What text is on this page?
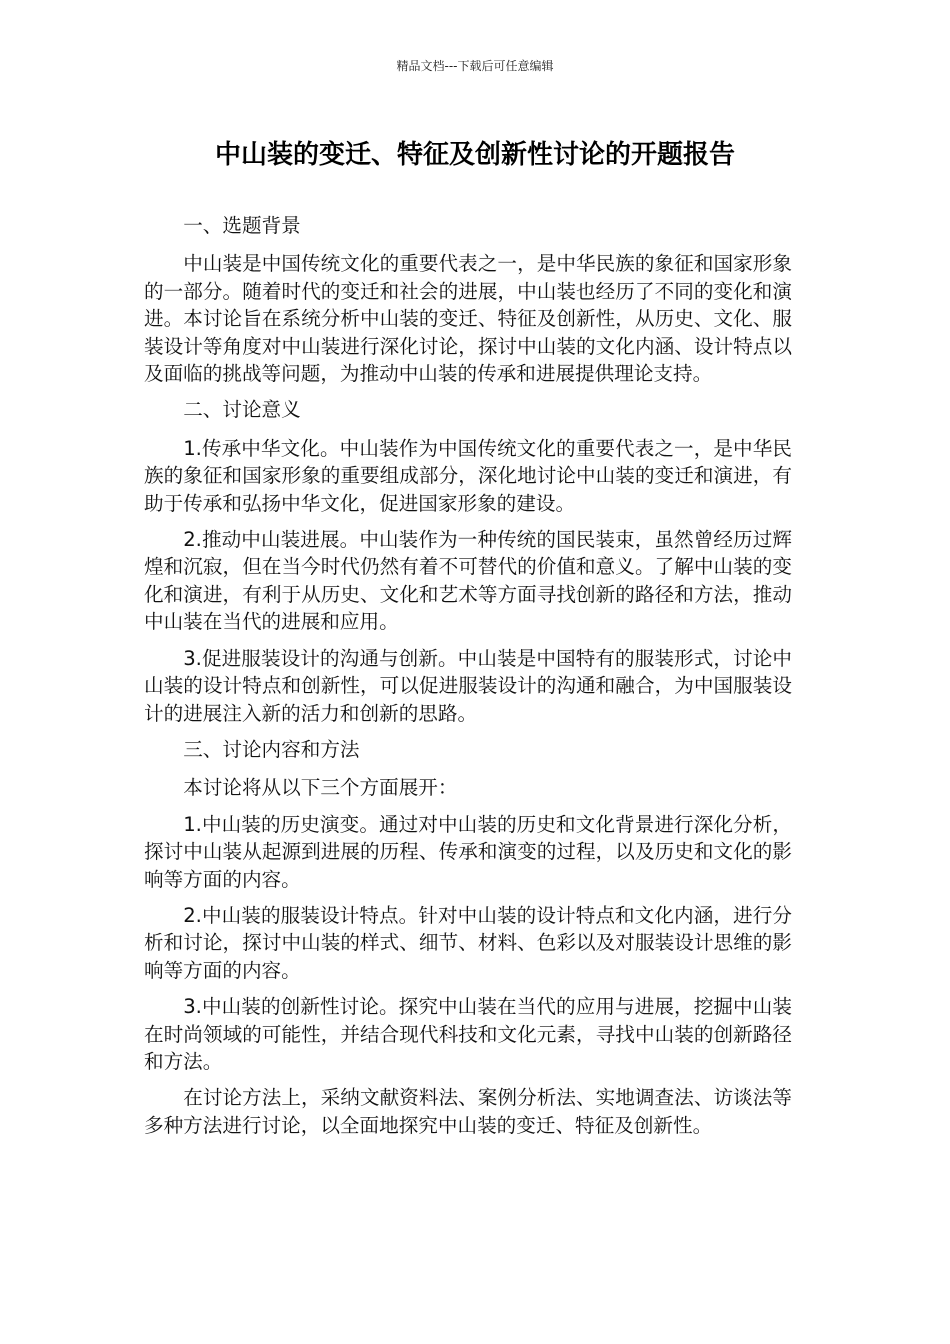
精品文档---下载后可任意编辑
中山装的变迁、特征及创新性讨论的开题报告

一、选题背景

中山装是中国传统文化的重要代表之一，是中华民族的象征和国家形象的一部分。随着时代的变迁和社会的进展，中山装也经历了不同的变化和演进。本讨论旨在系统分析中山装的变迁、特征及创新性，从历史、文化、服装设计等角度对中山装进行深化讨论，探讨中山装的文化内涵、设计特点以及面临的挑战等问题，为推动中山装的传承和进展提供理论支持。

二、讨论意义

1.传承中华文化。中山装作为中国传统文化的重要代表之一，是中华民族的象征和国家形象的重要组成部分，深化地讨论中山装的变迁和演进，有助于传承和弘扬中华文化，促进国家形象的建设。

2.推动中山装进展。中山装作为一种传统的国民装束，虽然曾经历过辉煌和沉寂，但在当今时代仍然有着不可替代的价值和意义。了解中山装的变化和演进，有利于从历史、文化和艺术等方面寻找创新的路径和方法，推动中山装在当代的进展和应用。

3.促进服装设计的沟通与创新。中山装是中国特有的服装形式，讨论中山装的设计特点和创新性，可以促进服装设计的沟通和融合，为中国服装设计的进展注入新的活力和创新的思路。

三、讨论内容和方法

本讨论将从以下三个方面展开：

1.中山装的历史演变。通过对中山装的历史和文化背景进行深化分析，探讨中山装从起源到进展的历程、传承和演变的过程，以及历史和文化的影响等方面的内容。

2.中山装的服装设计特点。针对中山装的设计特点和文化内涵，进行分析和讨论，探讨中山装的样式、细节、材料、色彩以及对服装设计思维的影响等方面的内容。

3.中山装的创新性讨论。探究中山装在当代的应用与进展，挖掘中山装在时尚领域的可能性，并结合现代科技和文化元素，寻找中山装的创新路径和方法。

在讨论方法上，采纳文献资料法、案例分析法、实地调查法、访谈法等多种方法进行讨论，以全面地探究中山装的变迁、特征及创新性。
